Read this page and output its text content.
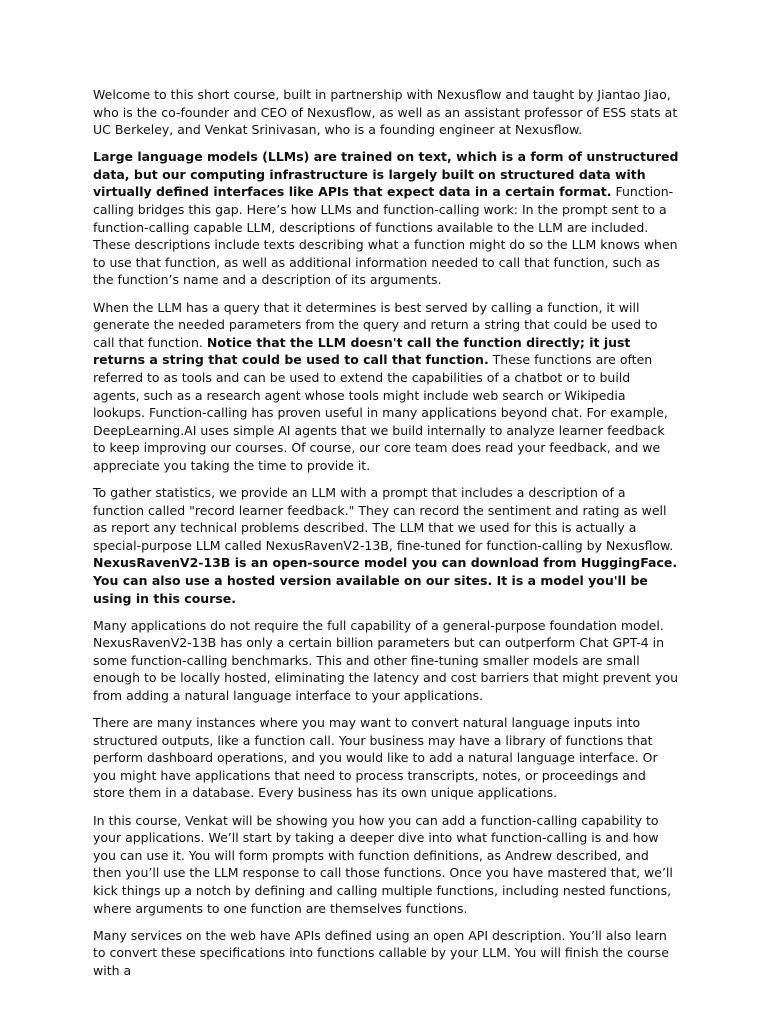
Welcome to this short course, built in partnership with Nexusflow and taught by Jiantao Jiao, who is the co-founder and CEO of Nexusflow, as well as an assistant professor of ESS stats at UC Berkeley, and Venkat Srinivasan, who is a founding engineer at Nexusflow.

Large language models (LLMs) are trained on text, which is a form of unstructured data, but our computing infrastructure is largely built on structured data with virtually defined interfaces like APIs that expect data in a certain format. Function-calling bridges this gap. Here’s how LLMs and function-calling work: In the prompt sent to a function-calling capable LLM, descriptions of functions available to the LLM are included. These descriptions include texts describing what a function might do so the LLM knows when to use that function, as well as additional information needed to call that function, such as the function’s name and a description of its arguments.

When the LLM has a query that it determines is best served by calling a function, it will generate the needed parameters from the query and return a string that could be used to call that function. Notice that the LLM doesn't call the function directly; it just returns a string that could be used to call that function. These functions are often referred to as tools and can be used to extend the capabilities of a chatbot or to build agents, such as a research agent whose tools might include web search or Wikipedia lookups. Function-calling has proven useful in many applications beyond chat. For example, DeepLearning.AI uses simple AI agents that we build internally to analyze learner feedback to keep improving our courses. Of course, our core team does read your feedback, and we appreciate you taking the time to provide it.

To gather statistics, we provide an LLM with a prompt that includes a description of a function called "record learner feedback." They can record the sentiment and rating as well as report any technical problems described. The LLM that we used for this is actually a special-purpose LLM called NexusRavenV2-13B, fine-tuned for function-calling by Nexusflow. NexusRavenV2-13B is an open-source model you can download from HuggingFace. You can also use a hosted version available on our sites. It is a model you'll be using in this course.

Many applications do not require the full capability of a general-purpose foundation model. NexusRavenV2-13B has only a certain billion parameters but can outperform Chat GPT-4 in some function-calling benchmarks. This and other fine-tuning smaller models are small enough to be locally hosted, eliminating the latency and cost barriers that might prevent you from adding a natural language interface to your applications.

There are many instances where you may want to convert natural language inputs into structured outputs, like a function call. Your business may have a library of functions that perform dashboard operations, and you would like to add a natural language interface. Or you might have applications that need to process transcripts, notes, or proceedings and store them in a database. Every business has its own unique applications.

In this course, Venkat will be showing you how you can add a function-calling capability to your applications. We’ll start by taking a deeper dive into what function-calling is and how you can use it. You will form prompts with function definitions, as Andrew described, and then you’ll use the LLM response to call those functions. Once you have mastered that, we’ll kick things up a notch by defining and calling multiple functions, including nested functions, where arguments to one function are themselves functions.

Many services on the web have APIs defined using an open API description. You’ll also learn to convert these specifications into functions callable by your LLM. You will finish the course with a
